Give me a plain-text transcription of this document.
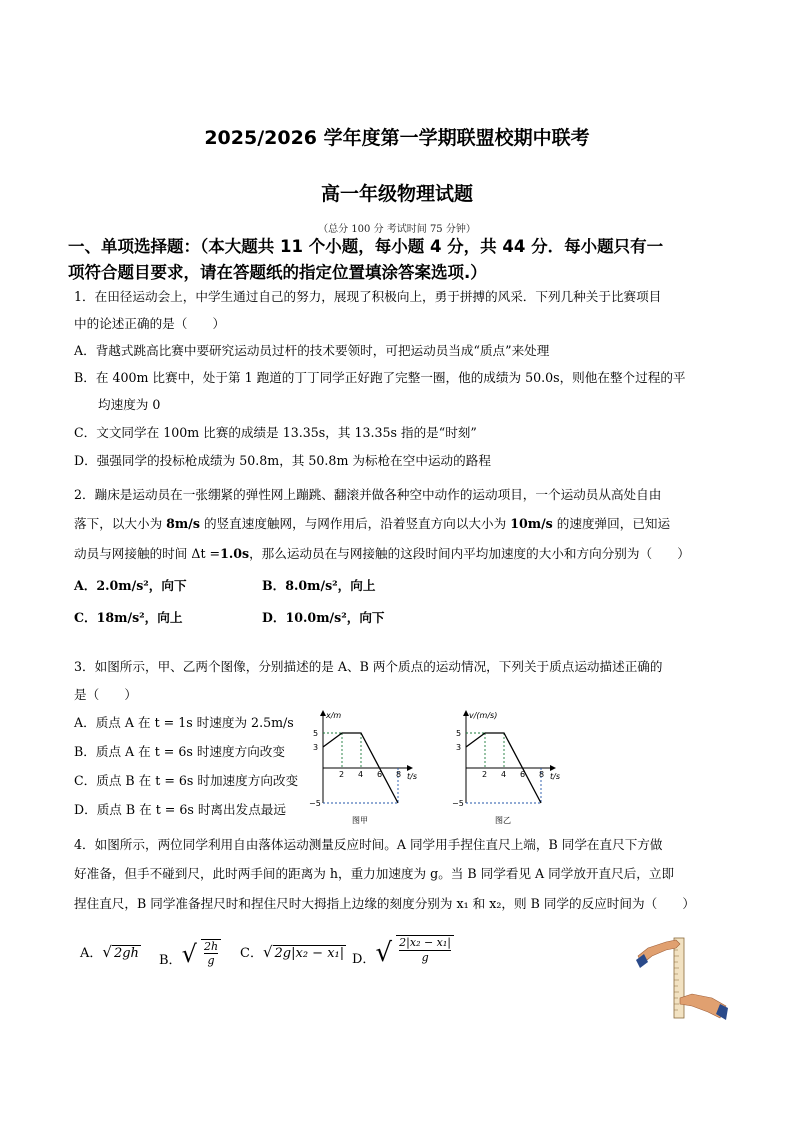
2025/2026 学年度第一学期联盟校期中联考
高一年级物理试题
（总分 100 分 考试时间 75 分钟）
一、单项选择题：（本大题共 11 个小题，每小题 4 分，共 44 分．每小题只有一
项符合题目要求，请在答题纸的指定位置填涂答案选项.）
1．在田径运动会上，中学生通过自己的努力，展现了积极向上，勇于拼搏的风采．下列几种关于比赛项目
中的论述正确的是（　　）
A．背越式跳高比赛中要研究运动员过杆的技术要领时，可把运动员当成“质点”来处理
B．在 400m 比赛中，处于第 1 跑道的丁丁同学正好跑了完整一圈，他的成绩为 50.0s，则他在整个过程的平
均速度为 0
C．文文同学在 100m 比赛的成绩是 13.35s，其 13.35s 指的是“时刻”
D．强强同学的投标枪成绩为 50.8m，其 50.8m 为标枪在空中运动的路程
2．蹦床是运动员在一张绷紧的弹性网上蹦跳、翻滚并做各种空中动作的运动项目，一个运动员从高处自由
落下，以大小为 8m/s 的竖直速度触网，与网作用后，沿着竖直方向以大小为 10m/s 的速度弹回，已知运
动员与网接触的时间 Δt =1.0s，那么运动员在与网接触的这段时间内平均加速度的大小和方向分别为（　　）
A．2.0m/s²，向下	B．8.0m/s²，向上
C．18m/s²，向上	D．10.0m/s²，向下
3．如图所示，甲、乙两个图像，分别描述的是 A、B 两个质点的运动情况，下列关于质点运动描述正确的
是（　　）
A．质点 A 在 t = 1s 时速度为 2.5m/s
B．质点 A 在 t = 6s 时速度方向改变
C．质点 B 在 t = 6s 时加速度方向改变
D．质点 B 在 t = 6s 时离出发点最远
x/m
t/s
5
3
−5
2 4 6 8
图甲
v/(m/s)
t/s
5
3
−5
2 4 6 8
图乙
4．如图所示，两位同学利用自由落体运动测量反应时间。A 同学用手捏住直尺上端，B 同学在直尺下方做
好准备，但手不碰到尺，此时两手间的距离为 h，重力加速度为 g。当 B 同学看见 A 同学放开直尺后，立即
捏住直尺，B 同学准备捏尺时和捏住尺时大拇指上边缘的刻度分别为 x₁ 和 x₂，则 B 同学的反应时间为（　　）
A．√ 2gh B．√ $\frac{2h}{g}$ C．√ 2g|x₂ − x₁| D．√ $\frac{\text{2|x₂ − x₁|}}{g}$
